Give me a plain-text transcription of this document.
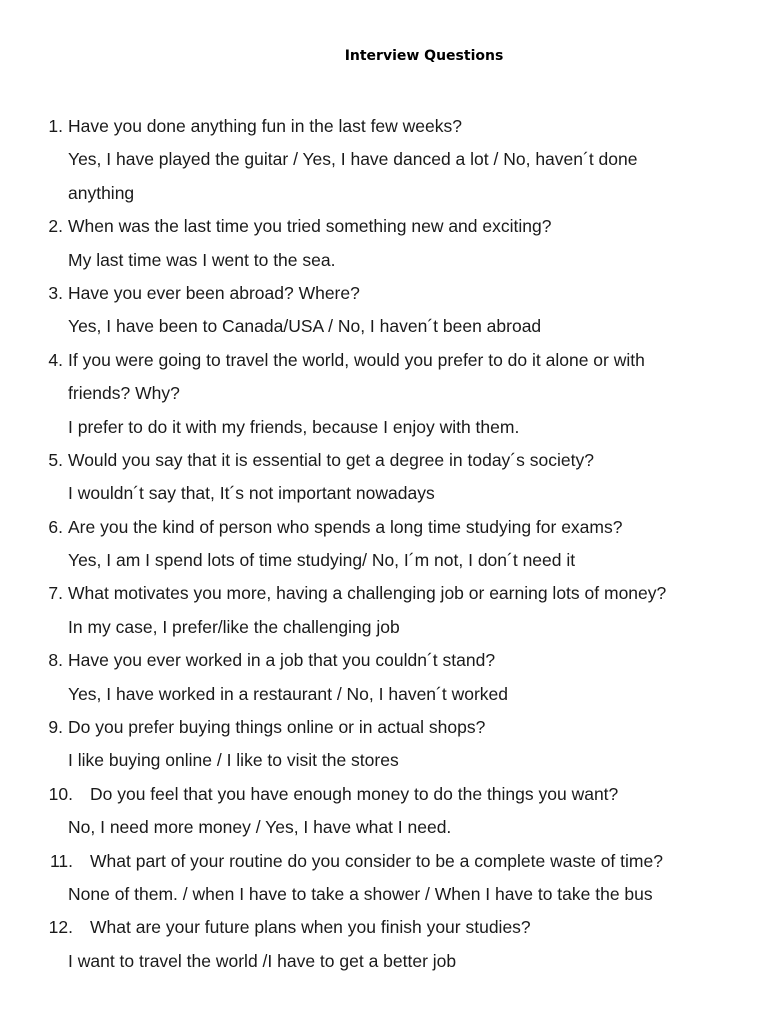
Interview Questions
1. Have you done anything fun in the last few weeks?
Yes, I have played the guitar / Yes, I have danced a lot / No, haven´t done
anything
2. When was the last time you tried something new and exciting?
My last time was I went to the sea.
3. Have you ever been abroad? Where?
Yes, I have been to Canada/USA / No, I haven´t been abroad
4. If you were going to travel the world, would you prefer to do it alone or with
friends? Why?
I prefer to do it with my friends, because I enjoy with them.
5. Would you say that it is essential to get a degree in today´s society?
I wouldn´t say that, It´s not important nowadays
6. Are you the kind of person who spends a long time studying for exams?
Yes, I am I spend lots of time studying/ No, I´m not, I don´t need it
7. What motivates you more, having a challenging job or earning lots of money?
In my case, I prefer/like the challenging job
8. Have you ever worked in a job that you couldn´t stand?
Yes, I have worked in a restaurant / No, I haven´t worked
9. Do you prefer buying things online or in actual shops?
I like buying online / I like to visit the stores
10. Do you feel that you have enough money to do the things you want?
No, I need more money / Yes, I have what I need.
11. What part of your routine do you consider to be a complete waste of time?
None of them. / when I have to take a shower / When I have to take the bus
12. What are your future plans when you finish your studies?
I want to travel the world /I have to get a better job
